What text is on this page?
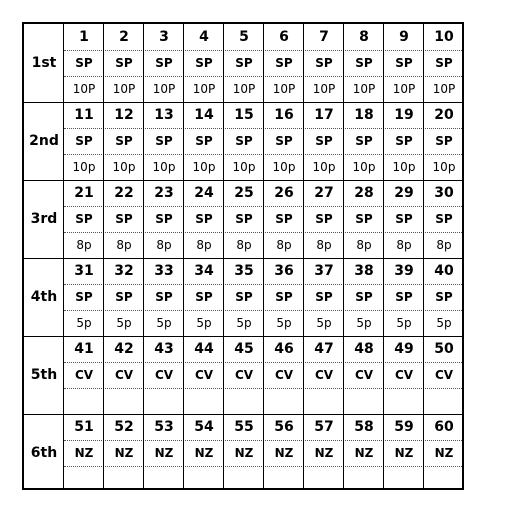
1st
1	2	3	4	5	6	7	8	9	10
SP	SP	SP	SP	SP	SP	SP	SP	SP	SP
10P	10P	10P	10P	10P	10P	10P	10P	10P	10P
2nd
11	12	13	14	15	16	17	18	19	20
SP	SP	SP	SP	SP	SP	SP	SP	SP	SP
10p	10p	10p	10p	10p	10p	10p	10p	10p	10p
3rd
21	22	23	24	25	26	27	28	29	30
SP	SP	SP	SP	SP	SP	SP	SP	SP	SP
8p	8p	8p	8p	8p	8p	8p	8p	8p	8p
4th
31	32	33	34	35	36	37	38	39	40
SP	SP	SP	SP	SP	SP	SP	SP	SP	SP
5p	5p	5p	5p	5p	5p	5p	5p	5p	5p
5th
41	42	43	44	45	46	47	48	49	50
CV	CV	CV	CV	CV	CV	CV	CV	CV	CV
6th
51	52	53	54	55	56	57	58	59	60
NZ	NZ	NZ	NZ	NZ	NZ	NZ	NZ	NZ	NZ
